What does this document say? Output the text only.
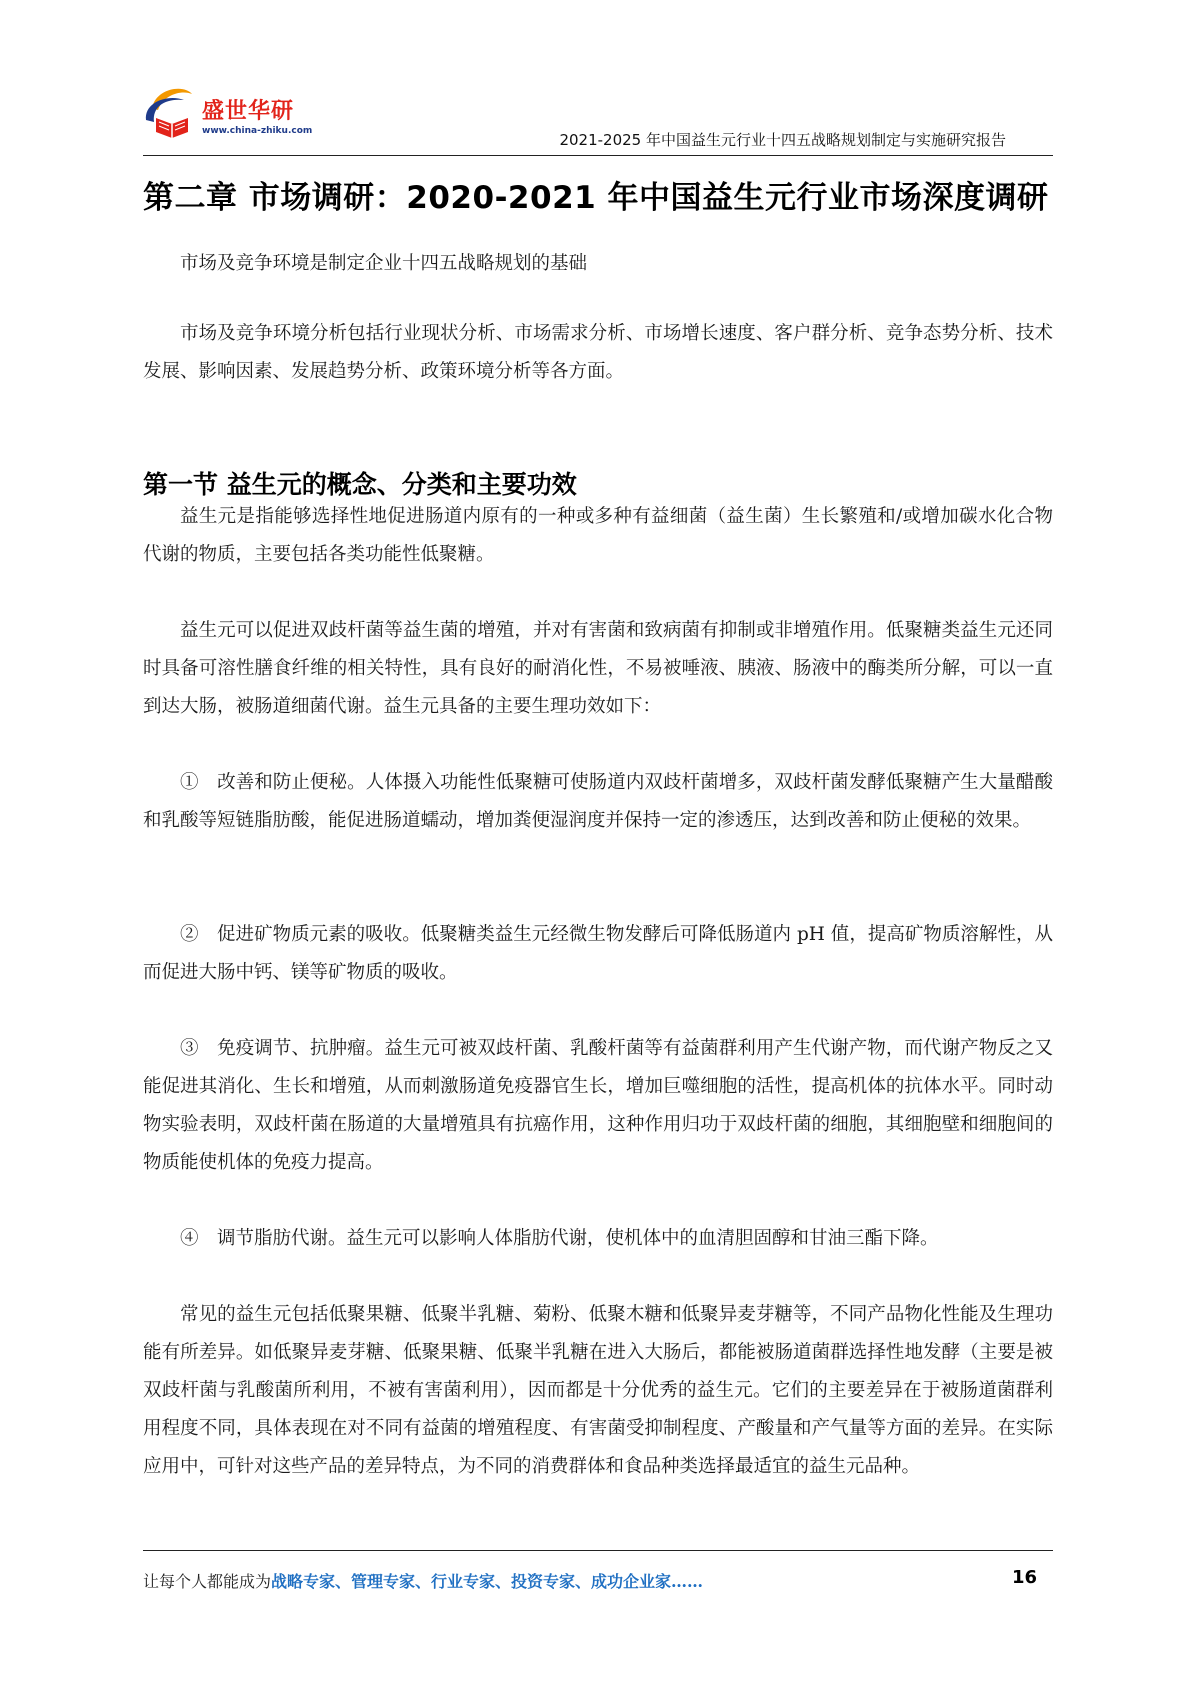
盛世华研
www.china-zhiku.com	2021-2025 年中国益生元行业十四五战略规划制定与实施研究报告
第二章 市场调研：2020-2021 年中国益生元行业市场深度调研
市场及竞争环境是制定企业十四五战略规划的基础
市场及竞争环境分析包括行业现状分析、市场需求分析、市场增长速度、客户群分析、竞争态势分析、技术发展、影响因素、发展趋势分析、政策环境分析等各方面。
第一节 益生元的概念、分类和主要功效
益生元是指能够选择性地促进肠道内原有的一种或多种有益细菌（益生菌）生长繁殖和/或增加碳水化合物代谢的物质，主要包括各类功能性低聚糖。
益生元可以促进双歧杆菌等益生菌的增殖，并对有害菌和致病菌有抑制或非增殖作用。低聚糖类益生元还同时具备可溶性膳食纤维的相关特性，具有良好的耐消化性，不易被唾液、胰液、肠液中的酶类所分解，可以一直到达大肠，被肠道细菌代谢。益生元具备的主要生理功效如下：
①　改善和防止便秘。人体摄入功能性低聚糖可使肠道内双歧杆菌增多，双歧杆菌发酵低聚糖产生大量醋酸和乳酸等短链脂肪酸，能促进肠道蠕动，增加粪便湿润度并保持一定的渗透压，达到改善和防止便秘的效果。
②　促进矿物质元素的吸收。低聚糖类益生元经微生物发酵后可降低肠道内 pH 值，提高矿物质溶解性，从而促进大肠中钙、镁等矿物质的吸收。
③　免疫调节、抗肿瘤。益生元可被双歧杆菌、乳酸杆菌等有益菌群利用产生代谢产物，而代谢产物反之又能促进其消化、生长和增殖，从而刺激肠道免疫器官生长，增加巨噬细胞的活性，提高机体的抗体水平。同时动物实验表明，双歧杆菌在肠道的大量增殖具有抗癌作用，这种作用归功于双歧杆菌的细胞，其细胞壁和细胞间的物质能使机体的免疫力提高。
④　调节脂肪代谢。益生元可以影响人体脂肪代谢，使机体中的血清胆固醇和甘油三酯下降。
常见的益生元包括低聚果糖、低聚半乳糖、菊粉、低聚木糖和低聚异麦芽糖等，不同产品物化性能及生理功能有所差异。如低聚异麦芽糖、低聚果糖、低聚半乳糖在进入大肠后，都能被肠道菌群选择性地发酵（主要是被双歧杆菌与乳酸菌所利用，不被有害菌利用），因而都是十分优秀的益生元。它们的主要差异在于被肠道菌群利用程度不同，具体表现在对不同有益菌的增殖程度、有害菌受抑制程度、产酸量和产气量等方面的差异。在实际应用中，可针对这些产品的差异特点，为不同的消费群体和食品种类选择最适宜的益生元品种。
让每个人都能成为战略专家、管理专家、行业专家、投资专家、成功企业家……	16
